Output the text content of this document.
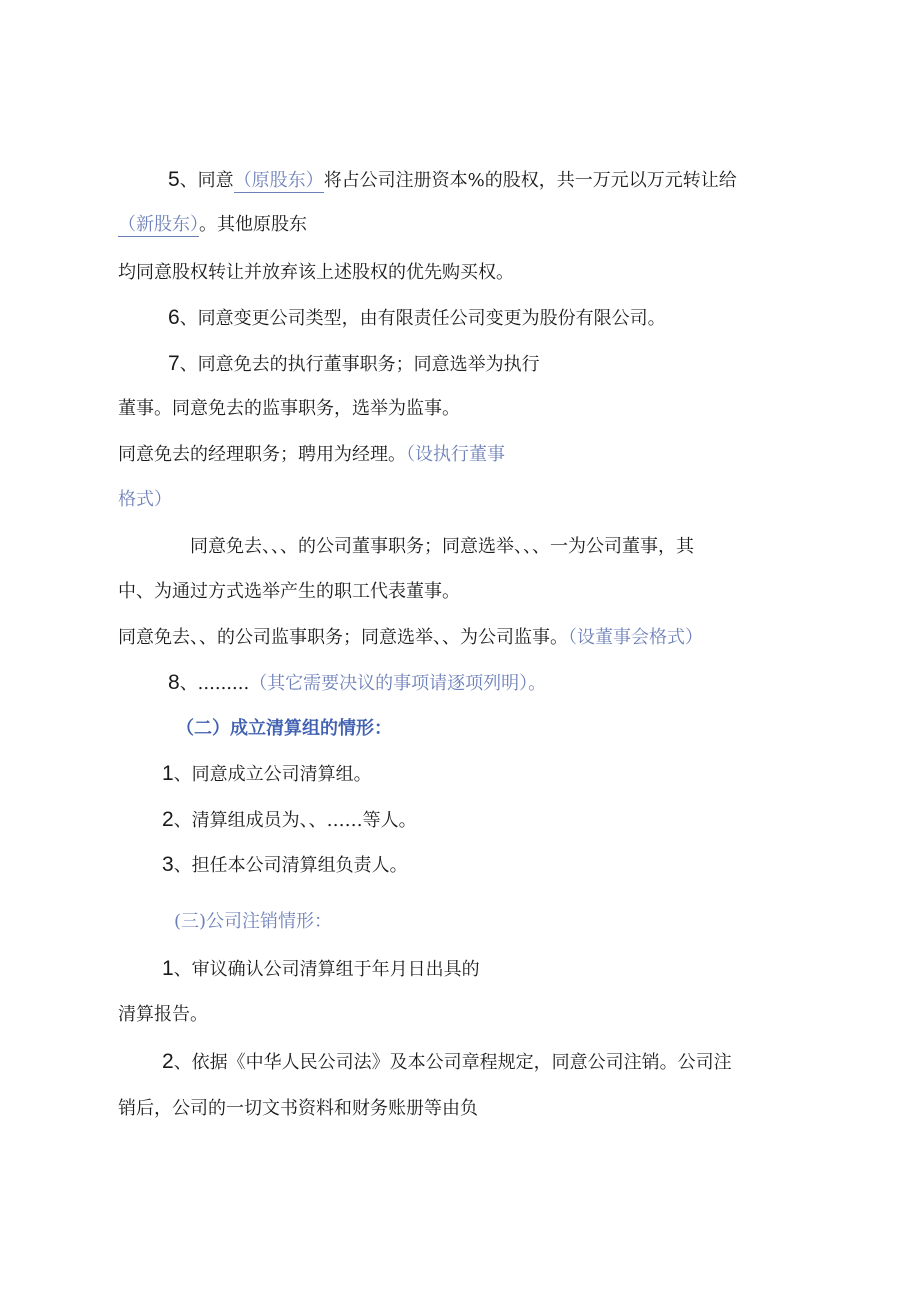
5、同意（原股东）将占公司注册资本%的股权，共一万元以万元转让给
（新股东）。其他原股东
均同意股权转让并放弃该上述股权的优先购买权。
6、同意变更公司类型，由有限责任公司变更为股份有限公司。
7、同意免去的执行董事职务；同意选举为执行
董事。同意免去的监事职务，选举为监事。
同意免去的经理职务；聘用为经理。（设执行董事
格式）
同意免去、、、的公司董事职务；同意选举、、、一为公司董事，其
中、为通过方式选举产生的职工代表董事。
同意免去、、的公司监事职务；同意选举、、为公司监事。（设董事会格式）
8、.........（其它需要决议的事项请逐项列明）。
（二）成立清算组的情形：
1、同意成立公司清算组。
2、清算组成员为、、……等人。
3、担任本公司清算组负责人。
(三)公司注销情形：
1、审议确认公司清算组于年月日出具的
清算报告。
2、依据《中华人民公司法》及本公司章程规定，同意公司注销。公司注
销后，公司的一切文书资料和财务账册等由负
